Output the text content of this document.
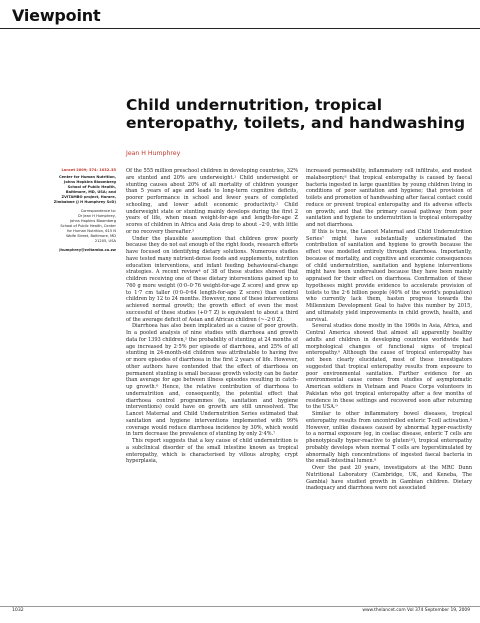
Viewpoint
Child undernutrition, tropical enteropathy, toilets, and handwashing
Jean H Humphrey
Lancet 2009; 374: 1032–35
Center for Human Nutrition,
Johns Hopkins Bloomberg
School of Public Health,
Baltimore, MD, USA; and
ZVITAMBO project, Harare,
Zimbabwe (J H Humphrey ScD)
Correspondence to:
Dr Jean H Humphrey,
Johns Hopkins Bloomberg
School of Public Health, Center
for Human Nutrition, 615 N
Wolfe Street, Baltimore, MD
21205, USA
jhumphrey@zvitambo.co.zw

Of the 555 million preschool children in developing countries, 32% are stunted and 20% are underweight.¹ Child underweight or stunting causes about 20% of all mortality of children younger than 5 years of age and leads to long-term cognitive deficits, poorer performance in school and fewer years of completed schooling, and lower adult economic productivity.² Child underweight state or stunting mainly develops during the first 2 years of life, when mean weight-for-age and length-for-age Z scores of children in Africa and Asia drop to about –2·0, with little or no recovery thereafter.³

Under the plausible assumption that children grow poorly because they do not eat enough of the right foods, research efforts have focused on identifying dietary solutions. Numerous studies have tested many nutrient-dense foods and supplements, nutrition education interventions, and infant feeding behavioural-change strategies. A recent review⁴ of 38 of these studies showed that children receiving one of these dietary interventions gained up to 760 g more weight (0·0–0·76 weight-for-age Z score) and grew up to 1·7 cm taller (0·0–0·64 length-for-age Z score) than control children by 12 to 24 months. However, none of these interventions achieved normal growth; the growth effect of even the most successful of these studies (+0·7 Z) is equivalent to about a third of the average deficit of Asian and African children (~–2·0 Z).

Diarrhoea has also been implicated as a cause of poor growth. In a pooled analysis of nine studies with diarrhoea and growth data for 1393 children,⁵ the probability of stunting at 24 months of age increased by 2·5% per episode of diarrhoea, and 25% of all stunting in 24-month-old children was attributable to having five or more episodes of diarrhoea in the first 2 years of life. However, other authors have contended that the effect of diarrhoea on permanent stunting is small because growth velocity can be faster than average for age between illness episodes resulting in catch-up growth.⁶ Hence, the relative contribution of diarrhoea to undernutrition and, consequently, the potential effect that diarrhoea control programmes (ie, sanitation and hygiene interventions) could have on growth are still unresolved. The Lancet Maternal and Child Undernutrition Series estimated that sanitation and hygiene interventions implemented with 99% coverage would reduce diarrhoea incidence by 30%, which would in turn decrease the prevalence of stunting by only 2·4%.⁷

This report suggests that a key cause of child undernutrition is a subclinical disorder of the small intestine known as tropical enteropathy, which is characterised by villous atrophy, crypt hyperplasia,

increased permeability, inflammatory cell infiltrate, and modest malabsorption;⁸ that tropical enteropathy is caused by faecal bacteria ingested in large quantities by young children living in conditions of poor sanitation and hygiene; that provision of toilets and promotion of handwashing after faecal contact could reduce or prevent tropical enteropathy and its adverse effects on growth; and that the primary causal pathway from poor sanitation and hygiene to undernutrition is tropical enteropathy and not diarrhoea.

If this is true, the Lancet Maternal and Child Undernutrition Series⁷ might have substantially underestimated the contribution of sanitation and hygiene to growth because the effect was modelled entirely through diarrhoea. Importantly, because of mortality, and cognitive and economic consequences of child undernutrition, sanitation and hygiene interventions might have been undervalued because they have been mainly appraised for their effect on diarrhoea. Confirmation of these hypotheses might provide evidence to accelerate provision of toilets to the 2·6 billion people (40% of the world's population) who currently lack them, hasten progress towards the Millennium Development Goal to halve this number by 2015, and ultimately yield improvements in child growth, health, and survival.

Several studies done mostly in the 1960s in Asia, Africa, and Central America showed that almost all apparently healthy adults and children in developing countries worldwide had morphological changes of functional signs of tropical enteropathy.⁹ Although the cause of tropical enteropathy has not been clearly elucidated, most of these investigators suggested that tropical enteropathy results from exposure to poor environmental sanitation. Further evidence for an environmental cause comes from studies of asymptomatic American soldiers in Vietnam and Peace Corps volunteers in Pakistan who got tropical enteropathy after a few months of residence in these settings and recovered soon after returning to the USA.⁹

Similar to other inflammatory bowel diseases, tropical enteropathy results from uncontrolled enteric T-cell activation.⁸ However, unlike diseases caused by abnormal hyper-reactivity to a normal exposure (eg, in coeliac disease, enteric T cells are phenotypically hyper-reactive to gluten¹⁰), tropical enteropathy probably develops when normal T cells are hyperstimulated by abnormally high concentrations of ingested faecal bacteria in the small-intestinal lumen.⁸

Over the past 20 years, investigators at the MRC Dunn Nutritional Laboratory (Cambridge, UK, and Keneba, The Gambia) have studied growth in Gambian children. Dietary inadequacy and diarrhoea were not associated

1032	www.thelancet.com Vol 374 September 19, 2009
